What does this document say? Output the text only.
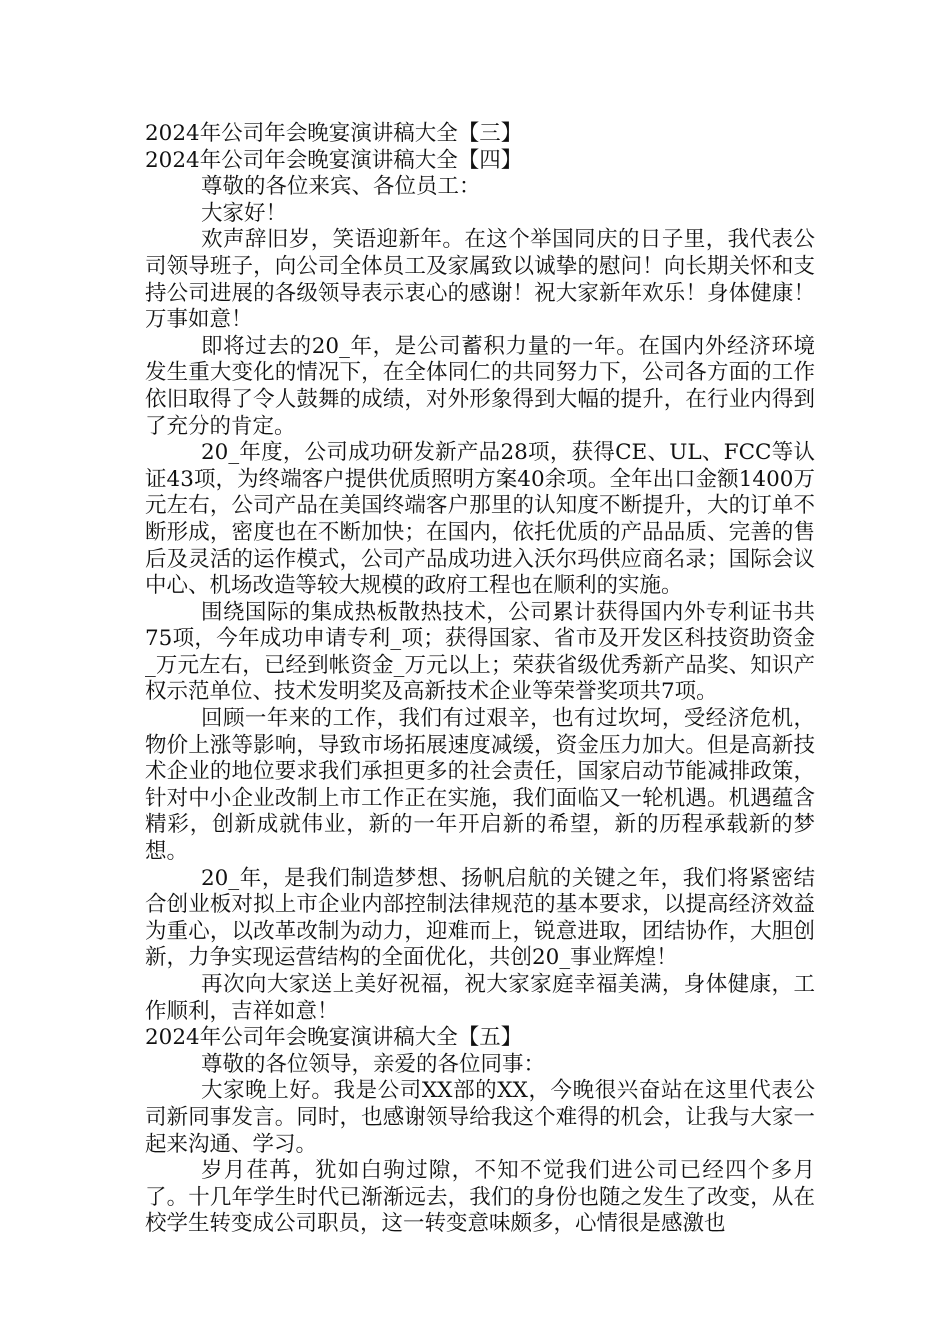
2024年公司年会晚宴演讲稿大全【三】

2024年公司年会晚宴演讲稿大全【四】

尊敬的各位来宾、各位员工：

大家好！

欢声辞旧岁，笑语迎新年。在这个举国同庆的日子里，我代表公司领导班子，向公司全体员工及家属致以诚挚的慰问！向长期关怀和支持公司进展的各级领导表示衷心的感谢！祝大家新年欢乐！身体健康！万事如意！

即将过去的20_年，是公司蓄积力量的一年。在国内外经济环境发生重大变化的情况下，在全体同仁的共同努力下，公司各方面的工作依旧取得了令人鼓舞的成绩，对外形象得到大幅的提升，在行业内得到了充分的肯定。

20_年度，公司成功研发新产品28项，获得CE、UL、FCC等认证43项，为终端客户提供优质照明方案40余项。全年出口金额1400万元左右，公司产品在美国终端客户那里的认知度不断提升，大的订单不断形成，密度也在不断加快；在国内，依托优质的产品品质、完善的售后及灵活的运作模式，公司产品成功进入沃尔玛供应商名录；国际会议中心、机场改造等较大规模的政府工程也在顺利的实施。

围绕国际的集成热板散热技术，公司累计获得国内外专利证书共75项，今年成功申请专利_项；获得国家、省市及开发区科技资助资金_万元左右，已经到帐资金_万元以上；荣获省级优秀新产品奖、知识产权示范单位、技术发明奖及高新技术企业等荣誉奖项共7项。

回顾一年来的工作，我们有过艰辛，也有过坎坷，受经济危机，物价上涨等影响，导致市场拓展速度减缓，资金压力加大。但是高新技术企业的地位要求我们承担更多的社会责任，国家启动节能减排政策，针对中小企业改制上市工作正在实施，我们面临又一轮机遇。机遇蕴含精彩，创新成就伟业，新的一年开启新的希望，新的历程承载新的梦想。

20_年，是我们制造梦想、扬帆启航的关键之年，我们将紧密结合创业板对拟上市企业内部控制法律规范的基本要求，以提高经济效益为重心，以改革改制为动力，迎难而上，锐意进取，团结协作，大胆创新，力争实现运营结构的全面优化，共创20_事业辉煌！

再次向大家送上美好祝福，祝大家家庭幸福美满，身体健康，工作顺利，吉祥如意！

2024年公司年会晚宴演讲稿大全【五】

尊敬的各位领导，亲爱的各位同事：

大家晚上好。我是公司XX部的XX，今晚很兴奋站在这里代表公司新同事发言。同时，也感谢领导给我这个难得的机会，让我与大家一起来沟通、学习。

岁月荏苒，犹如白驹过隙，不知不觉我们进公司已经四个多月了。十几年学生时代已渐渐远去，我们的身份也随之发生了改变，从在校学生转变成公司职员，这一转变意味颇多，心情很是感激也
